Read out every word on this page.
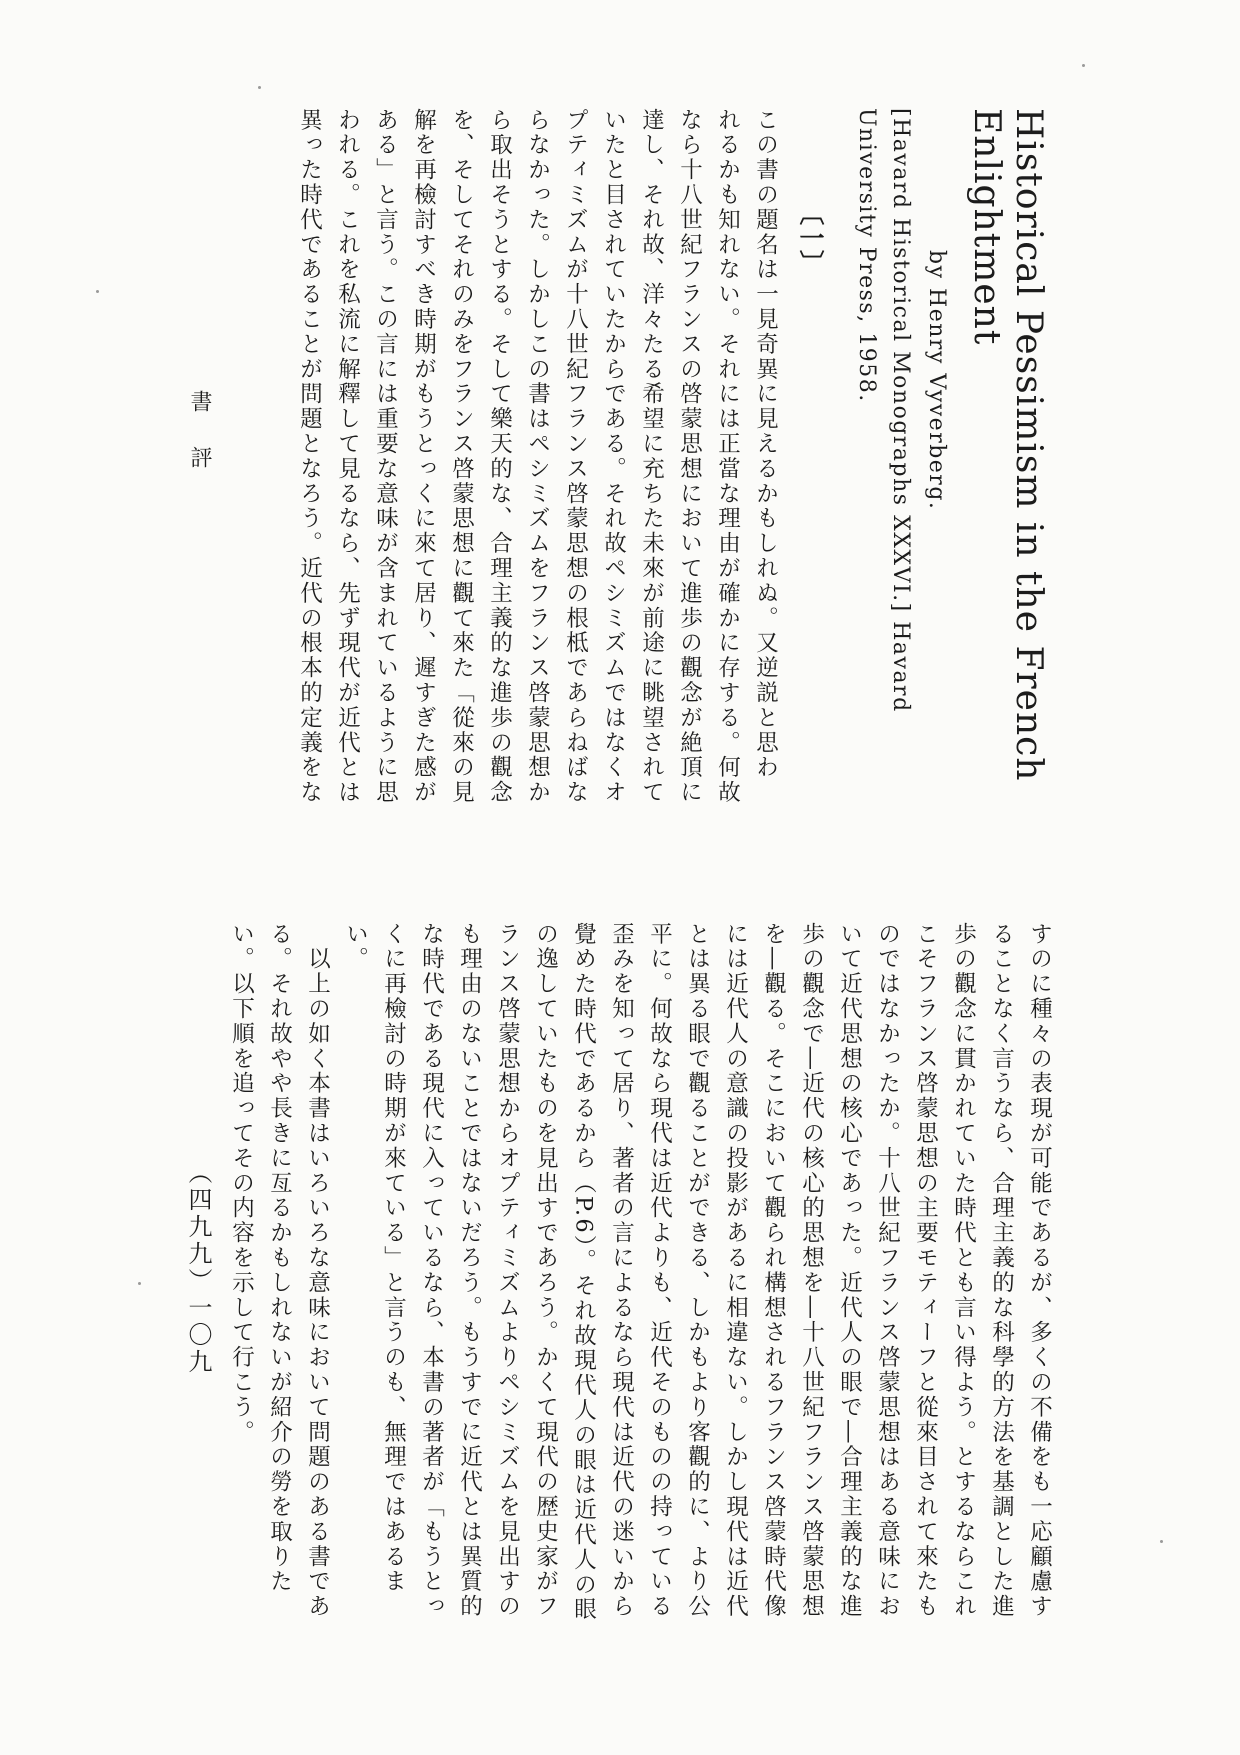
Historical Pessimism in the French
Enlightment
by Henry Vyverberg.
[Havard Historical Monographs XXXVI.] Havard
University Press, 1958.
〔一〕
この書の題名は一見奇異に見えるかもしれぬ。又逆説と思わ
れるかも知れない。それには正當な理由が確かに存する。何故
なら十八世紀フランスの啓蒙思想において進歩の觀念が絶頂に
達し、それ故、洋々たる希望に充ちた未來が前途に眺望されて
いたと目されていたからである。それ故ペシミズムではなくオ
プティミズムが十八世紀フランス啓蒙思想の根柢であらねばな
らなかった。しかしこの書はペシミズムをフランス啓蒙思想か
ら取出そうとする。そして樂天的な、合理主義的な進歩の觀念
を、そしてそれのみをフランス啓蒙思想に觀て來た「從來の見
解を再檢討すべき時期がもうとっくに來て居り、遲すぎた感が
ある」と言う。この言には重要な意味が含まれているように思
われる。これを私流に解釋して見るなら、先ず現代が近代とは
異った時代であることが問題となろう。近代の根本的定義をな
すのに種々の表現が可能であるが、多くの不備をも一応顧慮す
ることなく言うなら、合理主義的な科學的方法を基調とした進
歩の觀念に貫かれていた時代とも言い得よう。とするならこれ
こそフランス啓蒙思想の主要モティーフと從來目されて來たも
のではなかったか。十八世紀フランス啓蒙思想はある意味にお
いて近代思想の核心であった。近代人の眼で―合理主義的な進
歩の觀念で―近代の核心的思想を―十八世紀フランス啓蒙思想
を―觀る。そこにおいて觀られ構想されるフランス啓蒙時代像
には近代人の意識の投影があるに相違ない。しかし現代は近代
とは異る眼で觀ることができる、しかもより客觀的に、より公
平に。何故なら現代は近代よりも、近代そのものの持っている
歪みを知って居り、著者の言によるなら現代は近代の迷いから
覺めた時代であるから（P.6）。それ故現代人の眼は近代人の眼
の逸していたものを見出すであろう。かくて現代の歴史家がフ
ランス啓蒙思想からオプティミズムよりペシミズムを見出すの
も理由のないことではないだろう。もうすでに近代とは異質的
な時代である現代に入っているなら、本書の著者が「もうとっ
くに再檢討の時期が來ている」と言うのも、無理ではあるま
い。
　以上の如く本書はいろいろな意味において問題のある書であ
る。それ故やや長きに亙るかもしれないが紹介の勞を取りた
い。以下順を追ってその内容を示して行こう。
書評
（四九九）一〇九
